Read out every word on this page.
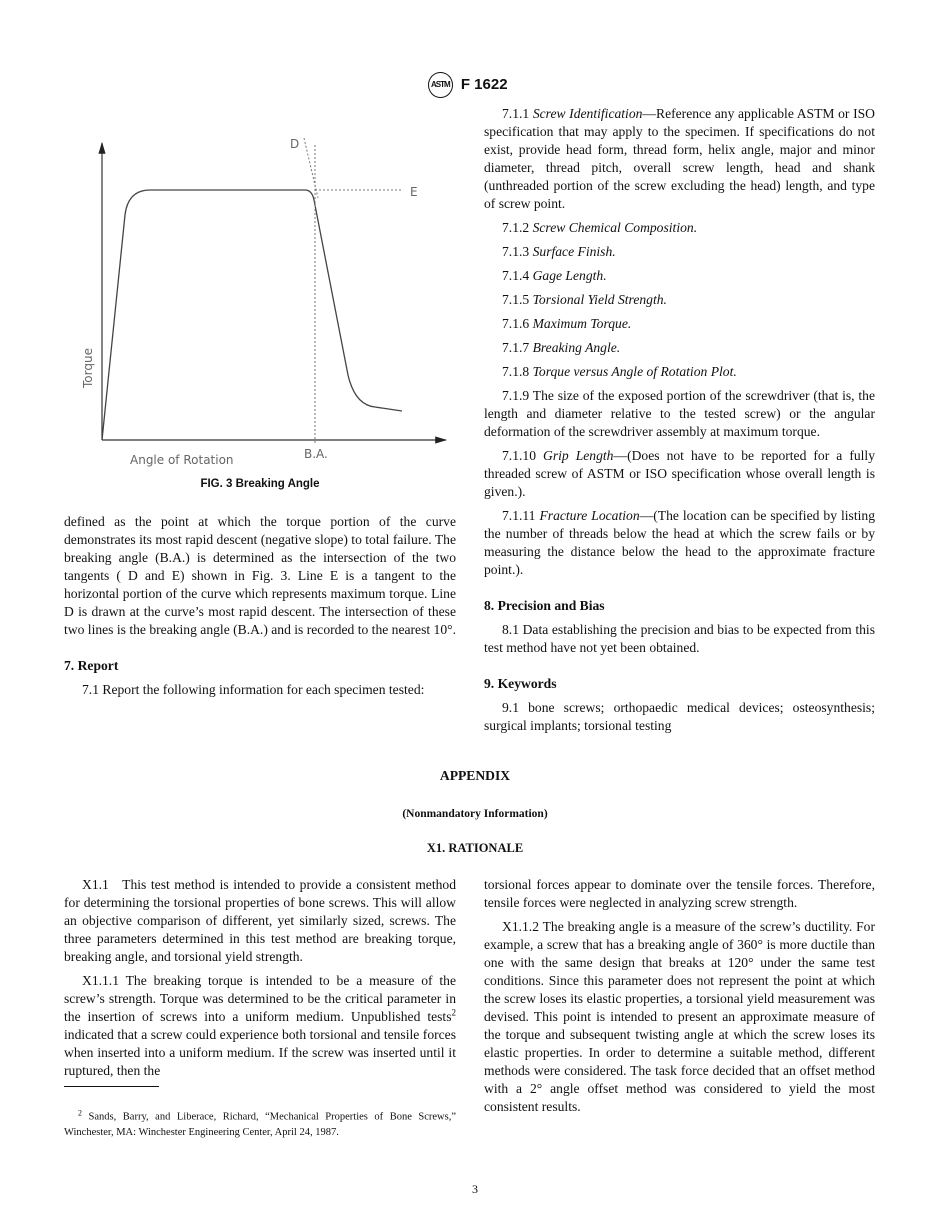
ASTM F 1622
D
E
Torque
Angle of Rotation	B.A.
FIG. 3 Breaking Angle

defined as the point at which the torque portion of the curve demonstrates its most rapid descent (negative slope) to total failure. The breaking angle (B.A.) is determined as the intersection of the two tangents ( D and E) shown in Fig. 3. Line E is a tangent to the horizontal portion of the curve which represents maximum torque. Line D is drawn at the curve’s most rapid descent. The intersection of these two lines is the breaking angle (B.A.) and is recorded to the nearest 10°.

7. Report

7.1 Report the following information for each specimen tested:

7.1.1 Screw Identification—Reference any applicable ASTM or ISO specification that may apply to the specimen. If specifications do not exist, provide head form, thread form, helix angle, major and minor diameter, thread pitch, overall screw length, head and shank (unthreaded portion of the screw excluding the head) length, and type of screw point.

7.1.2 Screw Chemical Composition.

7.1.3 Surface Finish.

7.1.4 Gage Length.

7.1.5 Torsional Yield Strength.

7.1.6 Maximum Torque.

7.1.7 Breaking Angle.

7.1.8 Torque versus Angle of Rotation Plot.

7.1.9 The size of the exposed portion of the screwdriver (that is, the length and diameter relative to the tested screw) or the angular deformation of the screwdriver assembly at maximum torque.

7.1.10 Grip Length—(Does not have to be reported for a fully threaded screw of ASTM or ISO specification whose overall length is given.).

7.1.11 Fracture Location—(The location can be specified by listing the number of threads below the head at which the screw fails or by measuring the distance below the head to the approximate fracture point.).

8. Precision and Bias

8.1 Data establishing the precision and bias to be expected from this test method have not yet been obtained.

9. Keywords

9.1 bone screws; orthopaedic medical devices; osteosynthesis; surgical implants; torsional testing

APPENDIX
(Nonmandatory Information)
X1. RATIONALE

X1.1   This test method is intended to provide a consistent method for determining the torsional properties of bone screws. This will allow an objective comparison of different, yet similarly sized, screws. The three parameters determined in this test method are breaking torque, breaking angle, and torsional yield strength.

X1.1.1 The breaking torque is intended to be a measure of the screw’s strength. Torque was determined to be the critical parameter in the insertion of screws into a uniform medium. Unpublished tests$^2$ indicated that a screw could experience both torsional and tensile forces when inserted into a uniform medium. If the screw was inserted until it ruptured, then the

torsional forces appear to dominate over the tensile forces. Therefore, tensile forces were neglected in analyzing screw strength.

X1.1.2 The breaking angle is a measure of the screw’s ductility. For example, a screw that has a breaking angle of 360° is more ductile than one with the same design that breaks at 120° under the same test conditions. Since this parameter does not represent the point at which the screw loses its elastic properties, a torsional yield measurement was devised. This point is intended to present an approximate measure of the torque and subsequent twisting angle at which the screw loses its elastic properties. In order to determine a suitable method, different methods were considered. The task force decided that an offset method with a 2° angle offset method was considered to yield the most consistent results.

$^2$ Sands, Barry, and Liberace, Richard, “Mechanical Properties of Bone Screws,” Winchester, MA: Winchester Engineering Center, April 24, 1987.
3
